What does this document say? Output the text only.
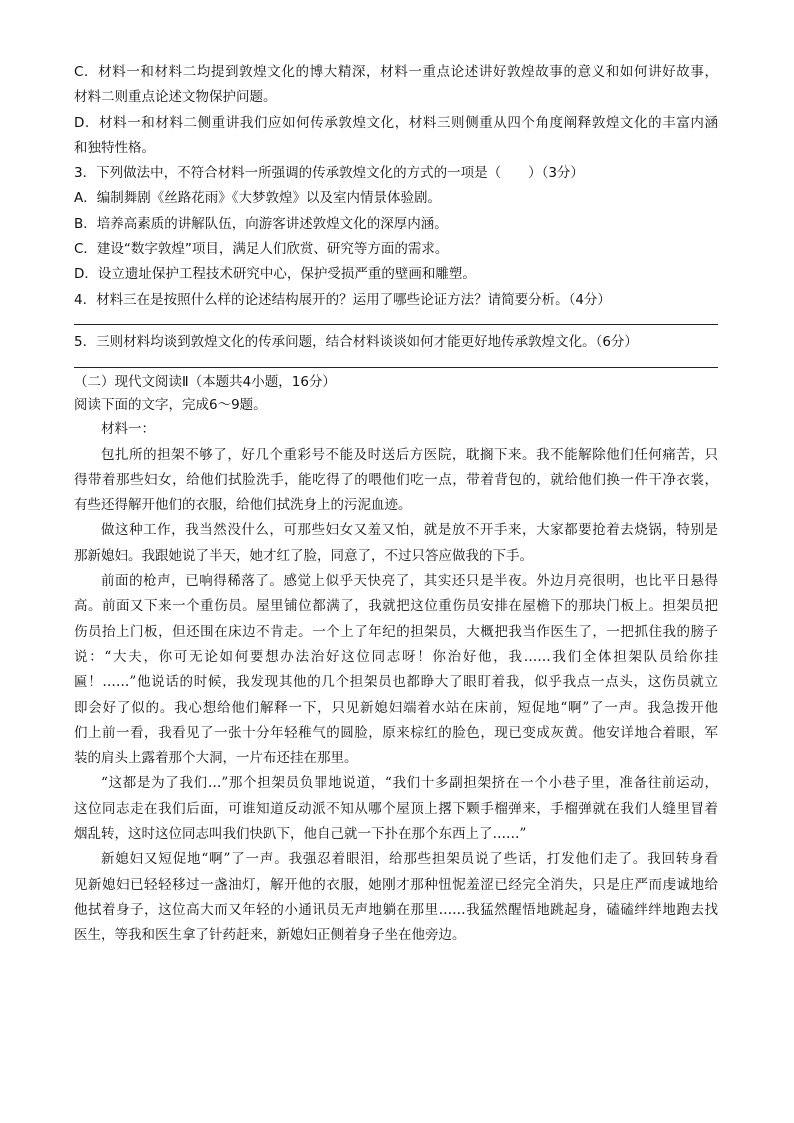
C．材料一和材料二均提到敦煌文化的博大精深，材料一重点论述讲好敦煌故事的意义和如何讲好故事，
材料二则重点论述文物保护问题。
D．材料一和材料二侧重讲我们应如何传承敦煌文化，材料三则侧重从四个角度阐释敦煌文化的丰富内涵
和独特性格。
3．下列做法中，不符合材料一所强调的传承敦煌文化的方式的一项是（　　）（3分）
A．编制舞剧《丝路花雨》《大梦敦煌》以及室内情景体验剧。
B．培养高素质的讲解队伍，向游客讲述敦煌文化的深厚内涵。
C．建设“数字敦煌”项目，满足人们欣赏、研究等方面的需求。
D．设立遗址保护工程技术研究中心，保护受损严重的壁画和雕塑。
4．材料三在是按照什么样的论述结构展开的？运用了哪些论证方法？请简要分析。（4分）
5．三则材料均谈到敦煌文化的传承问题，结合材料谈谈如何才能更好地传承敦煌文化。（6分）
（二）现代文阅读Ⅱ（本题共4小题，16分）
阅读下面的文字，完成6～9题。
材料一：
包扎所的担架不够了，好几个重彩号不能及时送后方医院，耽搁下来。我不能解除他们任何痛苦，只
得带着那些妇女，给他们拭脸洗手，能吃得了的喂他们吃一点，带着背包的，就给他们换一件干净衣裳，
有些还得解开他们的衣服，给他们拭洗身上的污泥血迹。
做这种工作，我当然没什么，可那些妇女又羞又怕，就是放不开手来，大家都要抢着去烧锅，特别是
那新媳妇。我跟她说了半天，她才红了脸，同意了，不过只答应做我的下手。
前面的枪声，已响得稀落了。感觉上似乎天快亮了，其实还只是半夜。外边月亮很明，也比平日悬得
高。前面又下来一个重伤员。屋里铺位都满了，我就把这位重伤员安排在屋檐下的那块门板上。担架员把
伤员抬上门板，但还围在床边不肯走。一个上了年纪的担架员，大概把我当作医生了，一把抓住我的膀子
说：“大夫，你可无论如何要想办法治好这位同志呀！你治好他，我……我们全体担架队员给你挂
匾！……”他说话的时候，我发现其他的几个担架员也都睁大了眼盯着我，似乎我点一点头，这伤员就立
即会好了似的。我心想给他们解释一下，只见新媳妇端着水站在床前，短促地“啊”了一声。我急拨开他
们上前一看，我看见了一张十分年轻稚气的圆脸，原来棕红的脸色，现已变成灰黄。他安详地合着眼，军
装的肩头上露着那个大洞，一片布还挂在那里。
“这都是为了我们…”那个担架员负罪地说道，“我们十多副担架挤在一个小巷子里，准备往前运动，
这位同志走在我们后面，可谁知道反动派不知从哪个屋顶上撂下颗手榴弹来，手榴弹就在我们人缝里冒着
烟乱转，这时这位同志叫我们快趴下，他自己就一下扑在那个东西上了……”
新媳妇又短促地“啊”了一声。我强忍着眼泪，给那些担架员说了些话，打发他们走了。我回转身看
见新媳妇已轻轻移过一盏油灯，解开他的衣服，她刚才那种忸怩羞涩已经完全消失，只是庄严而虔诚地给
他拭着身子，这位高大而又年轻的小通讯员无声地躺在那里……我猛然醒悟地跳起身，磕磕绊绊地跑去找
医生，等我和医生拿了针药赶来，新媳妇正侧着身子坐在他旁边。
